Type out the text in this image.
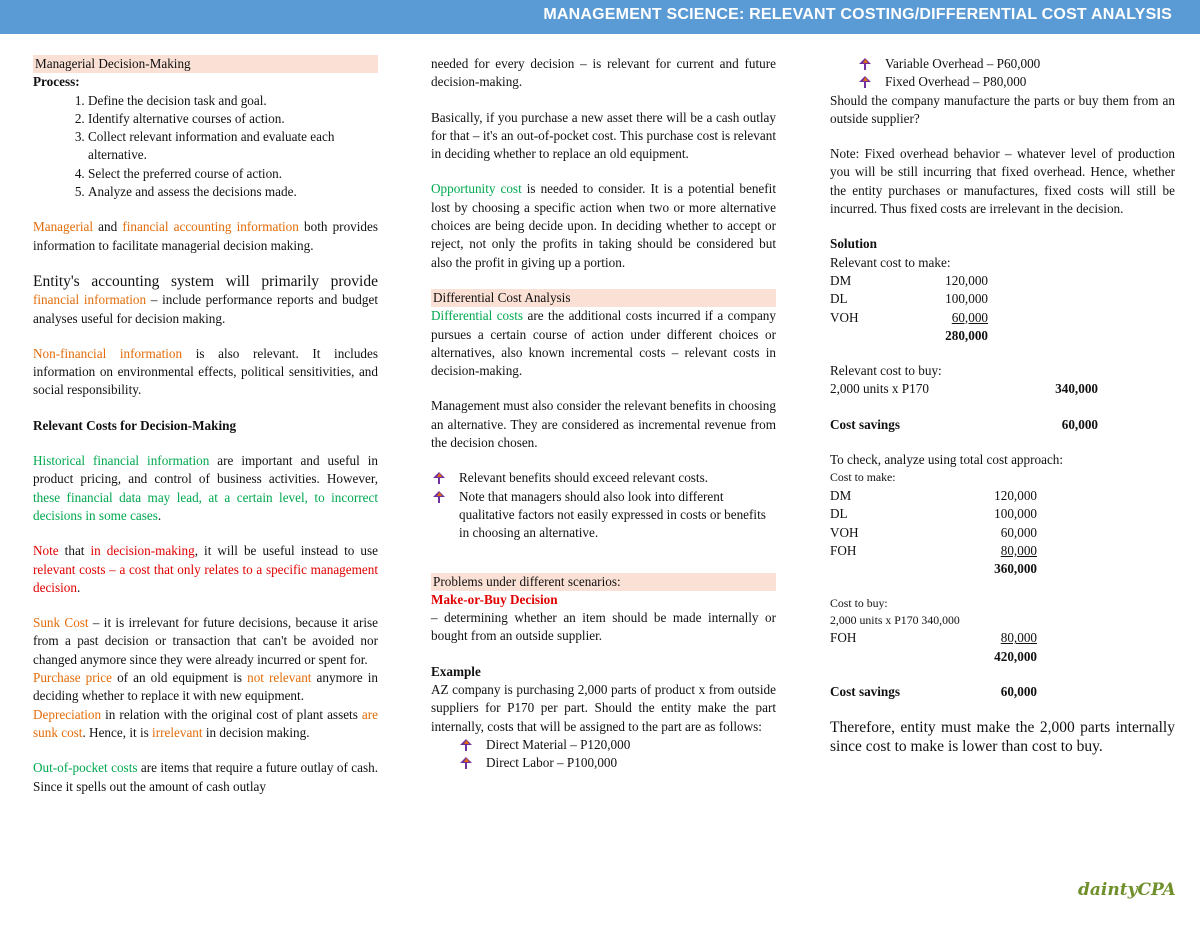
MANAGEMENT SCIENCE: RELEVANT COSTING/DIFFERENTIAL COST ANALYSIS
Managerial Decision-Making
Process:
1. Define the decision task and goal.
2. Identify alternative courses of action.
3. Collect relevant information and evaluate each alternative.
4. Select the preferred course of action.
5. Analyze and assess the decisions made.

Managerial and financial accounting information both provides information to facilitate managerial decision making.

Entity's accounting system will primarily provide financial information – include performance reports and budget analyses useful for decision making.

Non-financial information is also relevant. It includes information on environmental effects, political sensitivities, and social responsibility.

Relevant Costs for Decision-Making

Historical financial information are important and useful in product pricing, and control of business activities. However, these financial data may lead, at a certain level, to incorrect decisions in some cases.

Note that in decision-making, it will be useful instead to use relevant costs – a cost that only relates to a specific management decision.

Sunk Cost – it is irrelevant for future decisions, because it arise from a past decision or transaction that can't be avoided nor changed anymore since they were already incurred or spent for.

Purchase price of an old equipment is not relevant anymore in deciding whether to replace it with new equipment.

Depreciation in relation with the original cost of plant assets are sunk cost. Hence, it is irrelevant in decision making.

Out-of-pocket costs are items that require a future outlay of cash. Since it spells out the amount of cash outlay

needed for every decision – is relevant for current and future decision-making.

Basically, if you purchase a new asset there will be a cash outlay for that – it's an out-of-pocket cost. This purchase cost is relevant in deciding whether to replace an old equipment.

Opportunity cost is needed to consider. It is a potential benefit lost by choosing a specific action when two or more alternative choices are being decide upon. In deciding whether to accept or reject, not only the profits in taking should be considered but also the profit in giving up a portion.

Differential Cost Analysis

Differential costs are the additional costs incurred if a company pursues a certain course of action under different choices or alternatives, also known incremental costs – relevant costs in decision-making.

Management must also consider the relevant benefits in choosing an alternative. They are considered as incremental revenue from the decision chosen.

Relevant benefits should exceed relevant costs.
Note that managers should also look into different qualitative factors not easily expressed in costs or benefits in choosing an alternative.
Problems under different scenarios:
Make-or-Buy Decision

– determining whether an item should be made internally or bought from an outside supplier.

Example

AZ company is purchasing 2,000 parts of product x from outside suppliers for P170 per part. Should the entity make the part internally, costs that will be assigned to the part are as follows:

Direct Material – P120,000
Direct Labor – P100,000
Variable Overhead – P60,000
Fixed Overhead – P80,000

Should the company manufacture the parts or buy them from an outside supplier?

Note: Fixed overhead behavior – whatever level of production you will be still incurring that fixed overhead. Hence, whether the entity purchases or manufactures, fixed costs will still be incurred. Thus fixed costs are irrelevant in the decision.

Solution
Relevant cost to make:
DM	120,000
DL	100,000
VOH	60,000
	280,000
Relevant cost to buy:
2,000 units x P170	340,000
Cost savings	60,000
To check, analyze using total cost approach:
Cost to make:
DM	120,000
DL	100,000
VOH	60,000
FOH	80,000
	360,000
Cost to buy:
2,000 units x P170 340,000
FOH	80,000
	420,000
Cost savings	60,000

Therefore, entity must make the 2,000 parts internally since cost to make is lower than cost to buy.

daintyCPA
